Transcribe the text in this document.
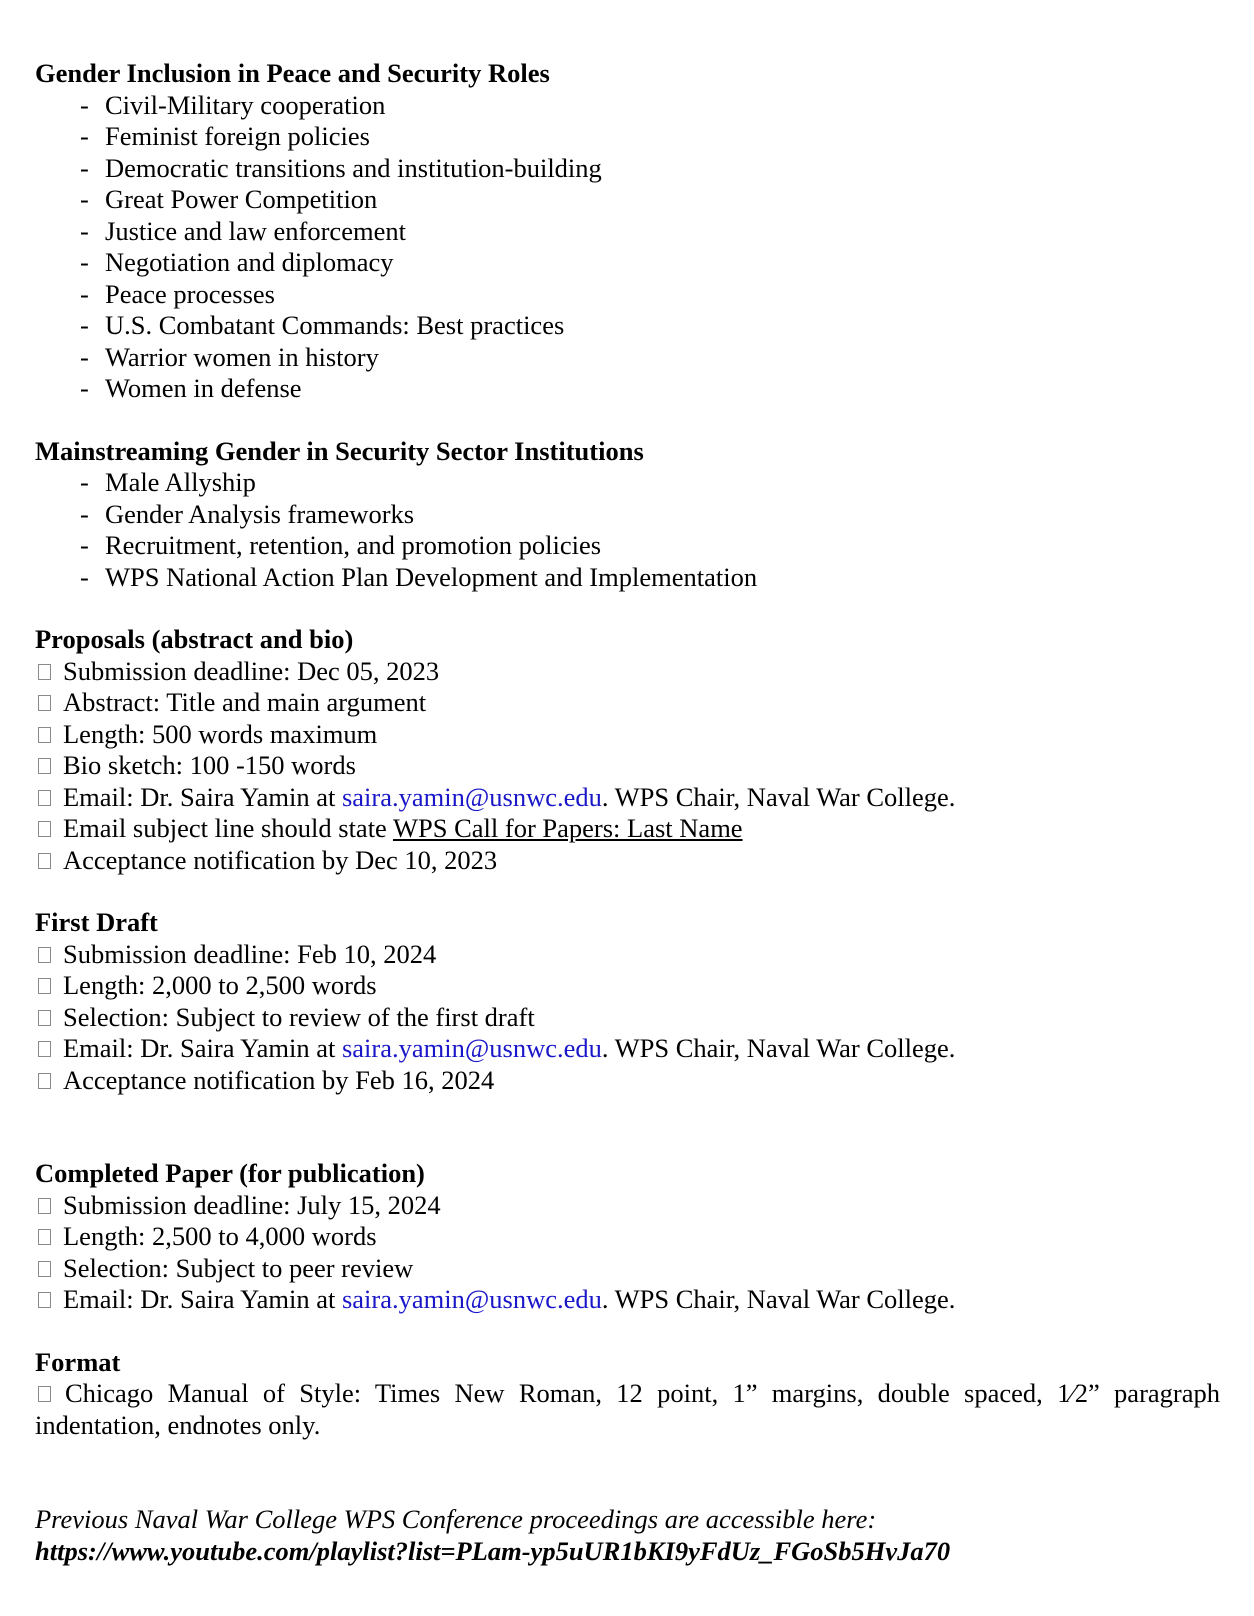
Gender Inclusion in Peace and Security Roles
- Civil-Military cooperation
- Feminist foreign policies
- Democratic transitions and institution-building
- Great Power Competition
- Justice and law enforcement
- Negotiation and diplomacy
- Peace processes
- U.S. Combatant Commands: Best practices
- Warrior women in history
- Women in defense
Mainstreaming Gender in Security Sector Institutions
- Male Allyship
- Gender Analysis frameworks
- Recruitment, retention, and promotion policies
- WPS National Action Plan Development and Implementation
Proposals (abstract and bio)
Submission deadline: Dec 05, 2023
Abstract: Title and main argument
Length: 500 words maximum
Bio sketch: 100 -150 words
Email: Dr. Saira Yamin at saira.yamin@usnwc.edu. WPS Chair, Naval War College.
Email subject line should state WPS Call for Papers: Last Name
Acceptance notification by Dec 10, 2023
First Draft
Submission deadline: Feb 10, 2024
Length: 2,000 to 2,500 words
Selection: Subject to review of the first draft
Email: Dr. Saira Yamin at saira.yamin@usnwc.edu. WPS Chair, Naval War College.
Acceptance notification by Feb 16, 2024
Completed Paper (for publication)
Submission deadline: July 15, 2024
Length: 2,500 to 4,000 words
Selection: Subject to peer review
Email: Dr. Saira Yamin at saira.yamin@usnwc.edu. WPS Chair, Naval War College.
Format
Chicago Manual of Style: Times New Roman, 12 point, 1” margins, double spaced, 1⁄2” paragraph
indentation, endnotes only.
Previous Naval War College WPS Conference proceedings are accessible here:
https://www.youtube.com/playlist?list=PLam-yp5uUR1bKI9yFdUz_FGoSb5HvJa70
